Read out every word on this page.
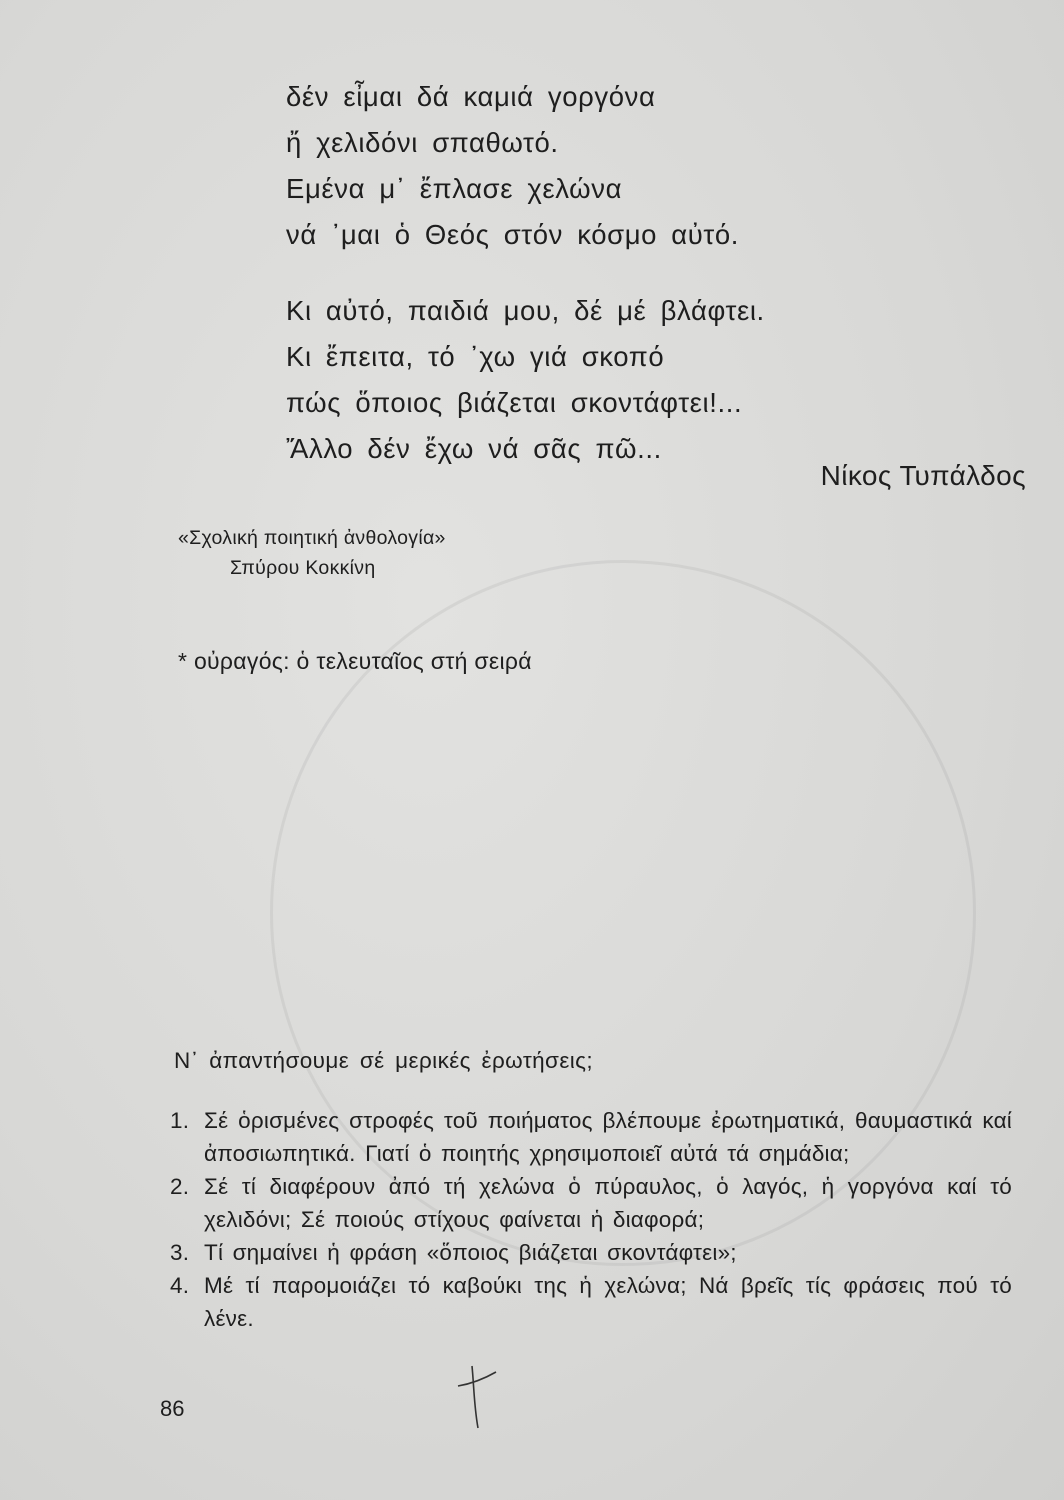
δέν εἶμαι δά καμιά γοργόνα
ἤ χελιδόνι σπαθωτό.
Εμένα μ᾽ ἔπλασε χελώνα
νά ᾽μαι ὁ Θεός στόν κόσμο αὐτό.
Κι αὐτό, παιδιά μου, δέ μέ βλάφτει.
Κι ἔπειτα, τό ᾽χω γιά σκοπό
πώς ὅποιος βιάζεται σκοντάφτει!...
Ἄλλο δέν ἔχω νά σᾶς πῶ...
Νίκος Τυπάλδος
«Σχολική ποιητική ἀνθολογία»
Σπύρου Κοκκίνη
* οὐραγός: ὁ τελευταῖος στή σειρά
Ν᾽ ἀπαντήσουμε σέ μερικές ἐρωτήσεις;
1. Σέ ὁρισμένες στροφές τοῦ ποιήματος βλέπουμε ἐρωτηματικά, θαυμαστικά καί ἀποσιωπητικά. Γιατί ὁ ποιητής χρησιμοποιεῖ αὐτά τά σημάδια;
2. Σέ τί διαφέρουν ἀπό τή χελώνα ὁ πύραυλος, ὁ λαγός, ἡ γοργόνα καί τό χελιδόνι; Σέ ποιούς στίχους φαίνεται ἡ διαφορά;
3. Τί σημαίνει ἡ φράση «ὅποιος βιάζεται σκοντάφτει»;
4. Μέ τί παρομοιάζει τό καβούκι της ἡ χελώνα; Νά βρεῖς τίς φράσεις πού τό λένε.
86
